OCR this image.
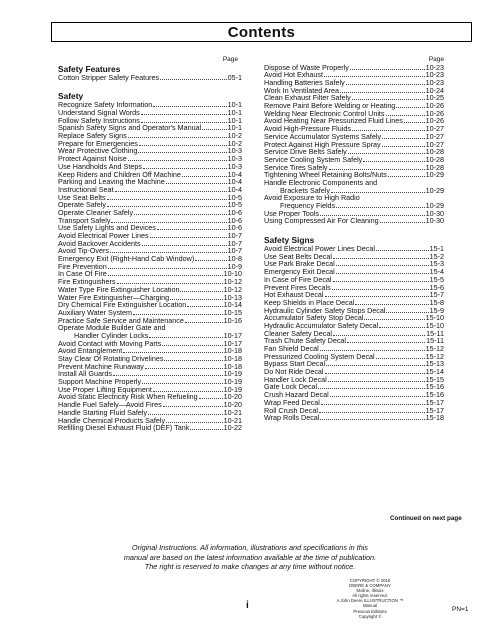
Contents
Page
Safety Features
Cotton Stripper Safety Features	05-1
Safety
Recognize Safety Information	10-1
Understand Signal Words	10-1
Follow Safety Instructions	10-1
Spanish Safety Signs and Operator's Manual	10-1
Replace Safety Signs	10-2
Prepare for Emergencies	10-2
Wear Protective Clothing	10-3
Protect Against Noise	10-3
Use Handholds And Steps	10-3
Keep Riders and Children Off Machine	10-4
Parking and Leaving the Machine	10-4
Instructional Seat	10-4
Use Seat Belts	10-5
Operate Safely	10-5
Operate Cleaner Safely	10-6
Transport Safely	10-6
Use Safety Lights and Devices	10-6
Avoid Electrical Power Lines	10-7
Avoid Backover Accidents	10-7
Avoid Tip-Overs	10-7
Emergency Exit (Right-Hand Cab Window)	10-8
Fire Prevention	10-9
In Case Of Fire	10-10
Fire Extinguishers	10-12
Water Type Fire Extinguisher Location	10-12
Water Fire Extinguisher—Charging	10-13
Dry Chemical Fire Extinguisher Location	10-14
Auxiliary Water System	10-15
Practice Safe Service and Maintenance	10-16
Operate Module Builder Gate and
Handler Cylinder Locks	10-17
Avoid Contact with Moving Parts	10-17
Avoid Entanglement	10-18
Stay Clear Of Rotating Drivelines	10-18
Prevent Machine Runaway	10-18
Install All Guards	10-19
Support Machine Properly	10-19
Use Proper Lifting Equipment	10-19
Avoid Static Electricity Risk When Refueling	10-20
Handle Fuel Safely—Avoid Fires	10-20
Handle Starting Fluid Safely	10-21
Handle Chemical Products Safely	10-21
Refilling Diesel Exhaust Fluid (DEF) Tank	10-22
Page
Dispose of Waste Properly	10-23
Avoid Hot Exhaust	10-23
Handling Batteries Safely	10-23
Work In Ventilated Area	10-24
Clean Exhaust Filter Safely	10-25
Remove Paint Before Welding or Heating	10-26
Welding Near Electronic Control Units	10-26
Avoid Heating Near Pressurized Fluid Lines	10-26
Avoid High-Pressure Fluids	10-27
Service Accumulator Systems Safely	10-27
Protect Against High Pressure Spray	10-27
Service Drive Belts Safely	10-28
Service Cooling System Safely	10-28
Service Tires Safely	10-28
Tightening Wheel Retaining Bolts/Nuts	10-29
Handle Electronic Components and
Brackets Safely	10-29
Avoid Exposure to High Radio
Frequency Fields	10-29
Use Proper Tools	10-30
Using Compressed Air For Cleaning	10-30
Safety Signs
Avoid Electrical Power Lines Decal	15-1
Use Seat Belts Decal	15-2
Use Park Brake Decal	15-3
Emergency Exit Decal	15-4
In Case of Fire Decal	15-5
Prevent Fires Decals	15-6
Hot Exhaust Decal	15-7
Keep Shields in Place Decal	15-8
Hydraulic Cylinder Safety Stops Decal	15-9
Accumulator Safety Stop Decal	15-10
Hydraulic Accumulator Safety Decal	15-10
Cleaner Safety Decal	15-11
Trash Chute Safety Decal	15-11
Fan Shield Decal	15-12
Pressurized Cooling System Decal	15-12
Bypass Start Decal	15-13
Do Not Ride Decal	15-14
Handler Lock Decal	15-15
Gate Lock Decal	15-16
Crush Hazard Decal	15-16
Wrap Feed Decal	15-17
Roll Crush Decal	15-17
Wrap Rolls Decal	15-18
Continued on next page
Original Instructions. All information, illustrations and specifications in this
manual are based on the latest information available at the time of publication.
The right is reserved to make changes at any time without notice.
COPYRIGHT © 2015
DEERE & COMPANY
Moline, Illinois
All rights reserved.
A John Deere ILLUSTRUCTION ™ Manual
Previous Editions
Copyright ©
i	PN=1
